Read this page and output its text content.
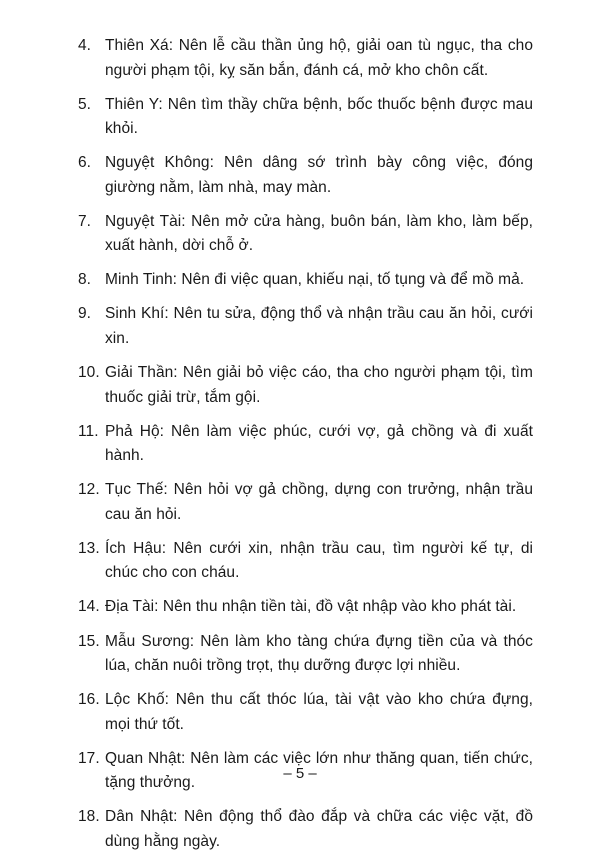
4. Thiên Xá: Nên lễ cầu thần ủng hộ, giải oan tù ngục, tha cho người phạm tội, kỵ săn bắn, đánh cá, mở kho chôn cất.
5. Thiên Y: Nên tìm thầy chữa bệnh, bốc thuốc bệnh được mau khỏi.
6. Nguyệt Không: Nên dâng sớ trình bày công việc, đóng giường nằm, làm nhà, may màn.
7. Nguyệt Tài: Nên mở cửa hàng, buôn bán, làm kho, làm bếp, xuất hành, dời chỗ ở.
8. Minh Tinh: Nên đi việc quan, khiếu nại, tố tụng và để mồ mả.
9. Sinh Khí: Nên tu sửa, động thổ và nhận trầu cau ăn hỏi, cưới xin.
10. Giải Thần: Nên giải bỏ việc cáo, tha cho người phạm tội, tìm thuốc giải trừ, tắm gội.
11. Phả Hộ: Nên làm việc phúc, cưới vợ, gả chồng và đi xuất hành.
12. Tục Thế: Nên hỏi vợ gả chồng, dựng con trưởng, nhận trầu cau ăn hỏi.
13. Ích Hậu: Nên cưới xin, nhận trầu cau, tìm người kế tự, di chúc cho con cháu.
14. Địa Tài: Nên thu nhận tiền tài, đồ vật nhập vào kho phát tài.
15. Mẫu Sương: Nên làm kho tàng chứa đựng tiền của và thóc lúa, chăn nuôi trồng trọt, thụ dưỡng được lợi nhiều.
16. Lộc Khố: Nên thu cất thóc lúa, tài vật vào kho chứa đựng, mọi thứ tốt.
17. Quan Nhật: Nên làm các việc lớn như thăng quan, tiến chức, tặng thưởng.
18. Dân Nhật: Nên động thổ đào đắp và chữa các việc vặt, đồ dùng hằng ngày.
– 5 –
